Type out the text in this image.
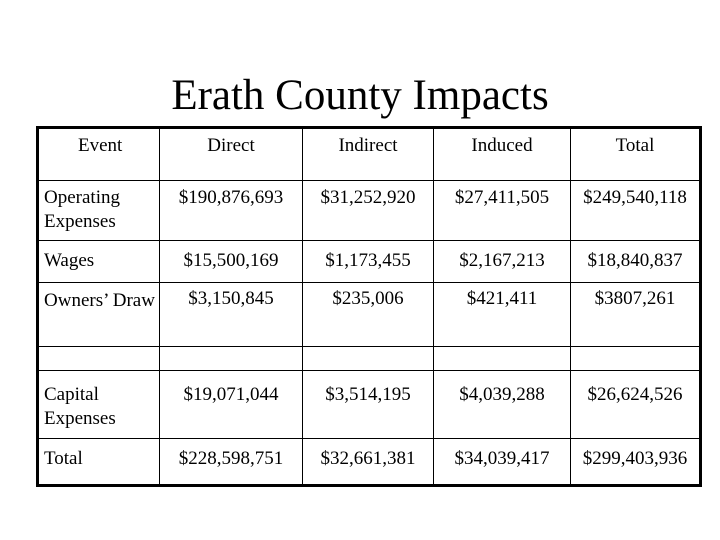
Erath County Impacts
Event	Direct	Indirect	Induced	Total
Operating Expenses	$190,876,693	$31,252,920	$27,411,505	$249,540,118
Wages	$15,500,169	$1,173,455	$2,167,213	$18,840,837
Owners’ Draw	$3,150,845	$235,006	$421,411	$3807,261

Capital Expenses	$19,071,044	$3,514,195	$4,039,288	$26,624,526
Total	$228,598,751	$32,661,381	$34,039,417	$299,403,936
